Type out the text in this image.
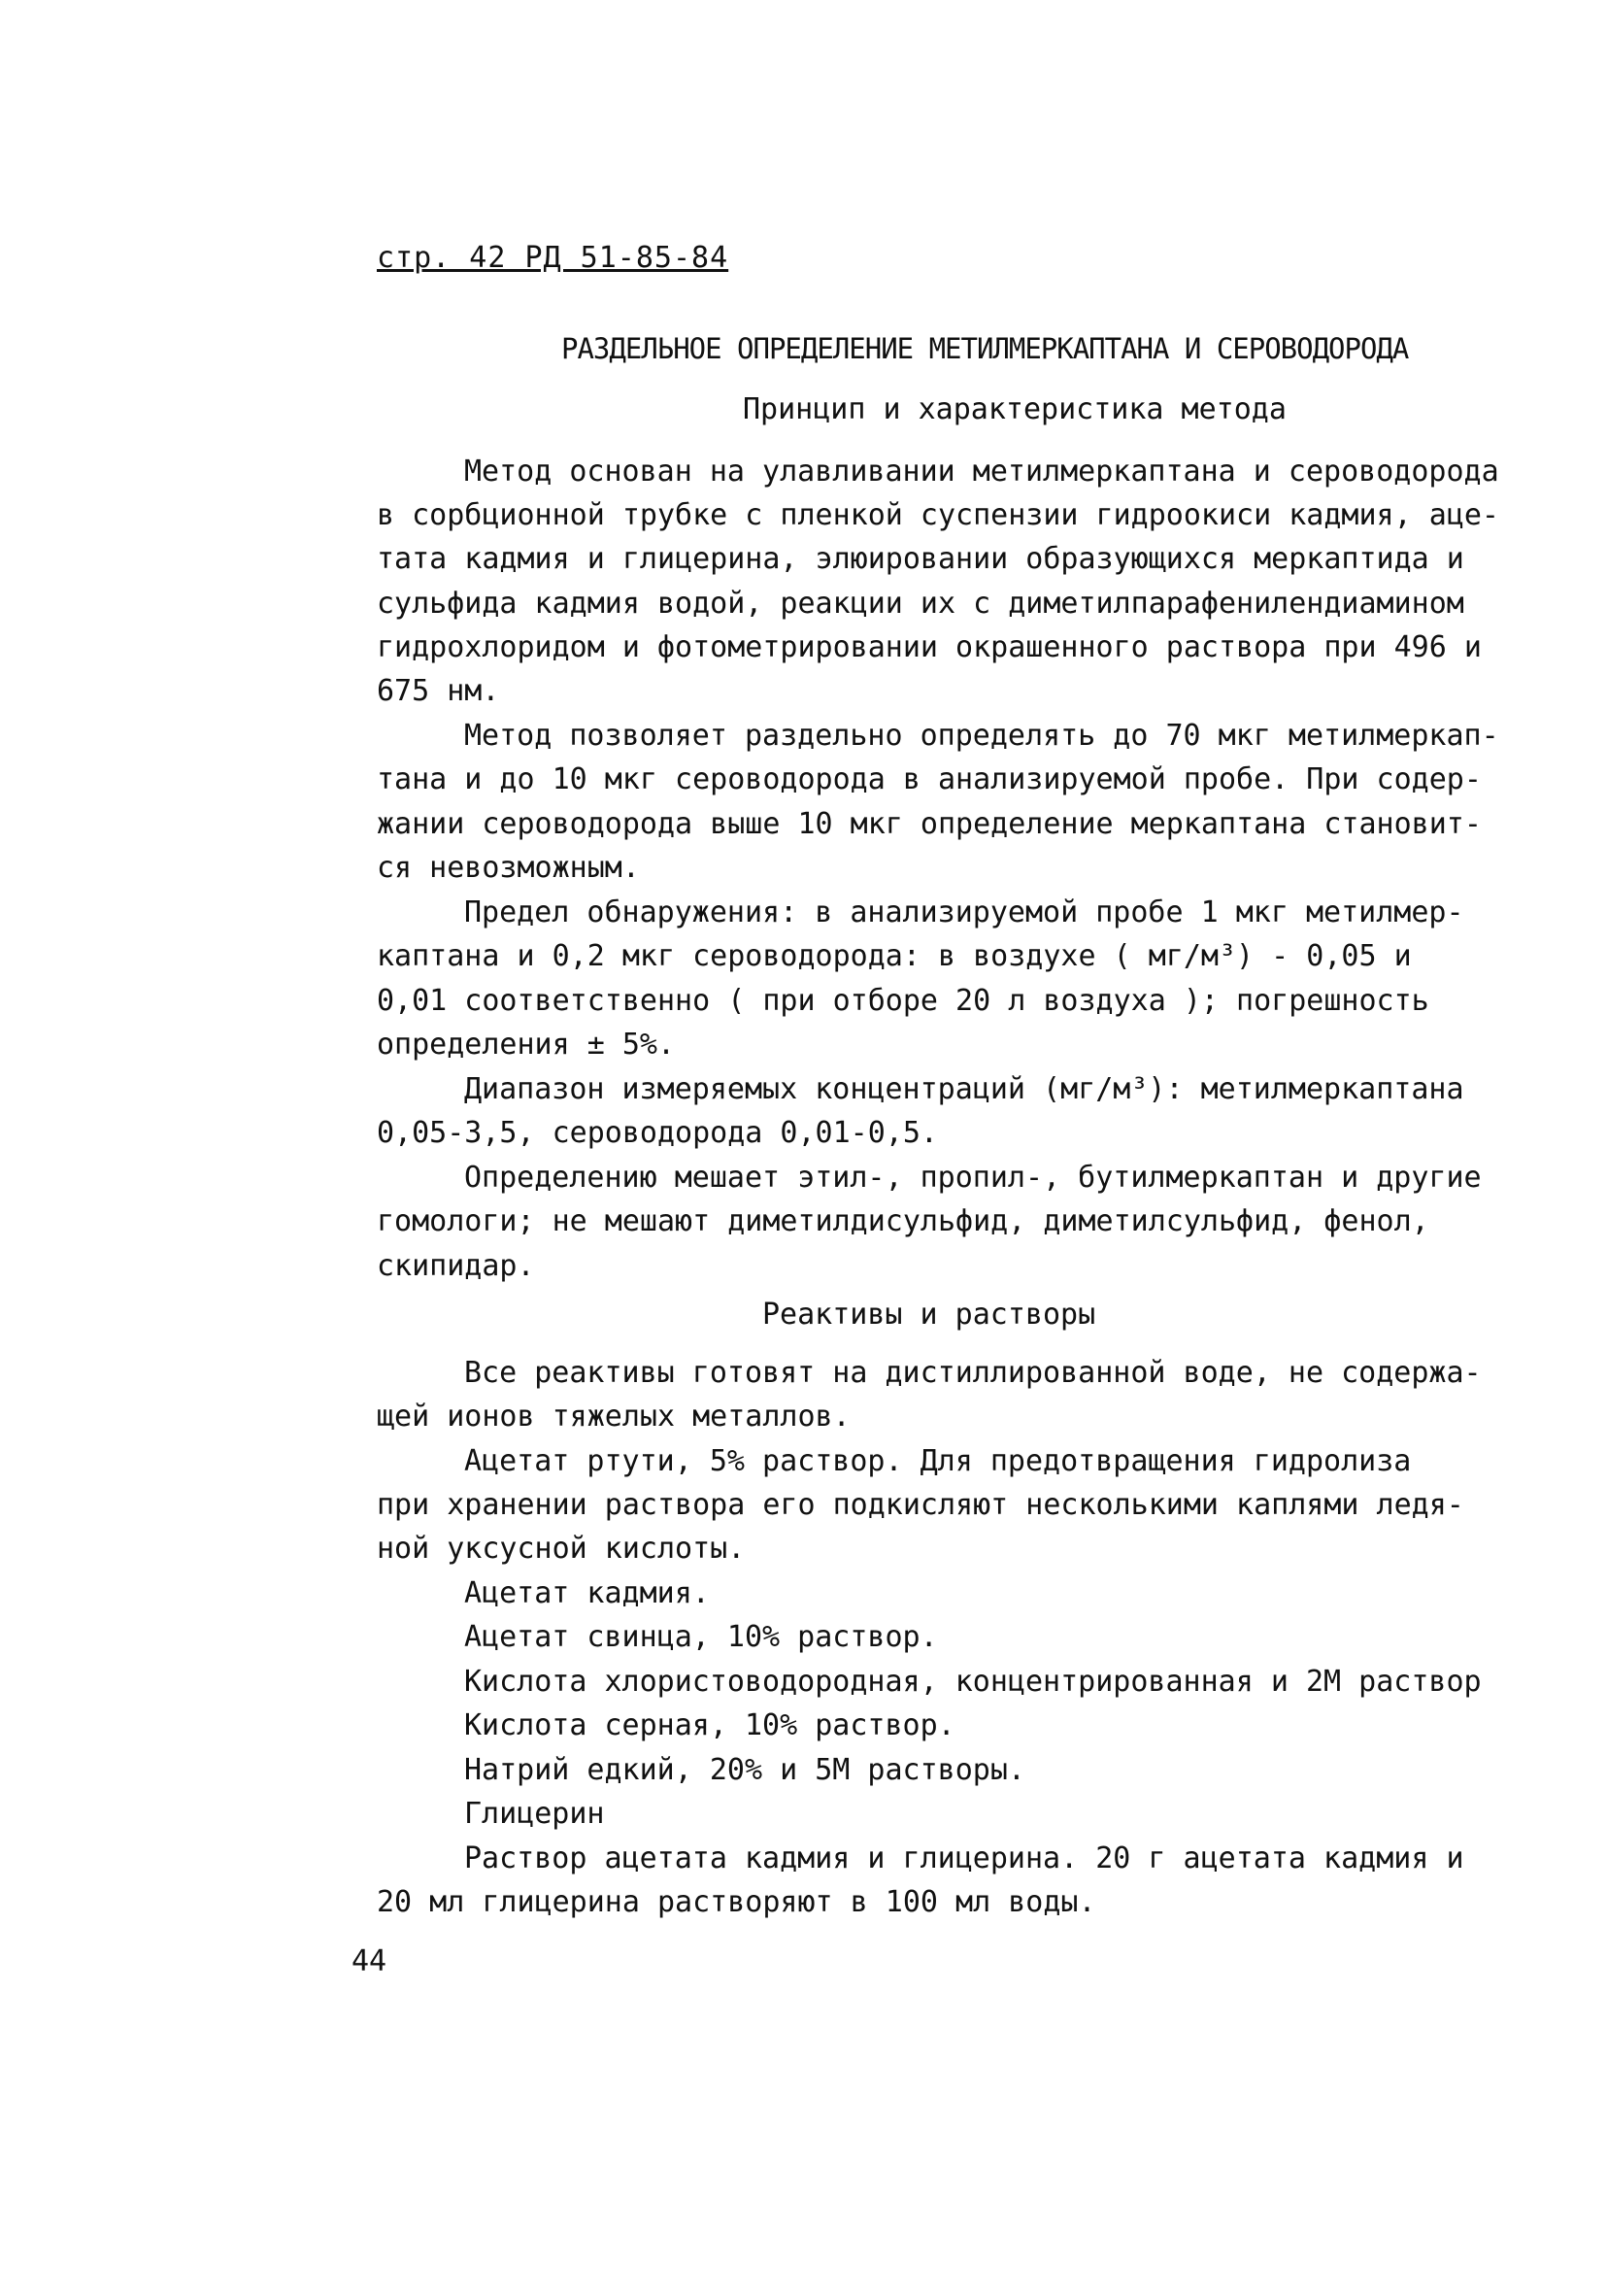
стр. 42 РД 51-85-84
РАЗДЕЛЬНОЕ ОПРЕДЕЛЕНИЕ МЕТИЛМЕРКАПТАНА И СЕРОВОДОРОДА
Принцип и характеристика метода
Метод основан на улавливании метилмеркаптана и сероводорода
в сорбционной трубке с пленкой суспензии гидроокиси кадмия, аце-
тата кадмия и глицерина, элюировании образующихся меркаптида и
сульфида кадмия водой, реакции их с диметилпарафенилендиамином
гидрохлоридом и фотометрировании окрашенного раствора при 496 и
675 нм.
Метод позволяет раздельно определять до 70 мкг метилмеркап-
тана и до 10 мкг сероводорода в анализируемой пробе. При содер-
жании сероводорода выше 10 мкг определение меркаптана становит-
ся невозможным.
Предел обнаружения: в анализируемой пробе 1 мкг метилмер-
каптана и 0,2 мкг сероводорода: в воздухе ( мг/м³) - 0,05 и
0,01 соответственно ( при отборе 20 л воздуха ); погрешность
определения ± 5%.
Диапазон измеряемых концентраций (мг/м³): метилмеркаптана
0,05-3,5, сероводорода 0,01-0,5.
Определению мешает этил-, пропил-, бутилмеркаптан и другие
гомологи; не мешают диметилдисульфид, диметилсульфид, фенол,
скипидар.
Реактивы и растворы
Все реактивы готовят на дистиллированной воде, не содержа-
щей ионов тяжелых металлов.
Ацетат ртути, 5% раствор. Для предотвращения гидролиза
при хранении раствора его подкисляют несколькими каплями ледя-
ной уксусной кислоты.
Ацетат кадмия.
Ацетат свинца, 10% раствор.
Кислота хлористоводородная, концентрированная и 2М раствор
Кислота серная, 10% раствор.
Натрий едкий, 20% и 5М растворы.
Глицерин
Раствор ацетата кадмия и глицерина. 20 г ацетата кадмия и
20 мл глицерина растворяют в 100 мл воды.
44
